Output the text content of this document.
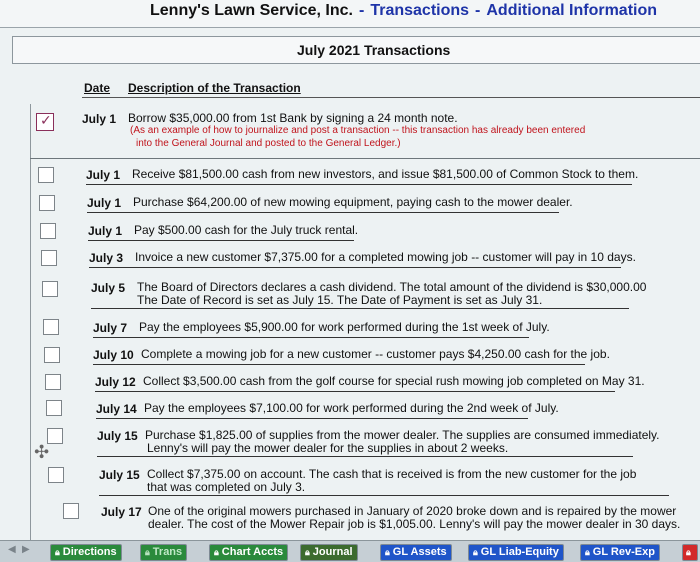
Lenny's Lawn Service, Inc. - Transactions - Additional Information
July 2021 Transactions
Date Description of the Transaction
✓	July 1 Borrow $35,000.00 from 1st Bank by signing a 24 month note.
(As an example of how to journalize and post a transaction -- this transaction has already been entered
into the General Journal and posted to the General Ledger.)
July 1 Receive $81,500.00 cash from new investors, and issue $81,500.00 of Common Stock to them.
July 1 Purchase $64,200.00 of new mowing equipment, paying cash to the mower dealer.
July 1 Pay $500.00 cash for the July truck rental.
July 3 Invoice a new customer $7,375.00 for a completed mowing job -- customer will pay in 10 days.
July 5 The Board of Directors declares a cash dividend. The total amount of the dividend is $30,000.00
The Date of Record is set as July 15. The Date of Payment is set as July 31.
July 7 Pay the employees $5,900.00 for work performed during the 1st week of July.
July 10 Complete a mowing job for a new customer -- customer pays $4,250.00 cash for the job.
July 12 Collect $3,500.00 cash from the golf course for special rush mowing job completed on May 31.
July 14 Pay the employees $7,100.00 for work performed during the 2nd week of July.
July 15 Purchase $1,825.00 of supplies from the mower dealer. The supplies are consumed immediately.
Lenny's will pay the mower dealer for the supplies in about 2 weeks.
✣
July 15 Collect $7,375.00 on account. The cash that is received is from the new customer for the job
that was completed on July 3.
July 17 One of the original mowers purchased in January of 2020 broke down and is repaired by the mower
dealer. The cost of the Mower Repair job is $1,005.00. Lenny's will pay the mower dealer in 30 days.
◀ ▶	🔒︎ Directions	🔒︎ Trans	🔒︎ Chart Accts	🔒︎ Journal	🔒︎ GL Assets	🔒︎ GL Liab-Equity	🔒︎ GL Rev-Exp	🔒︎
